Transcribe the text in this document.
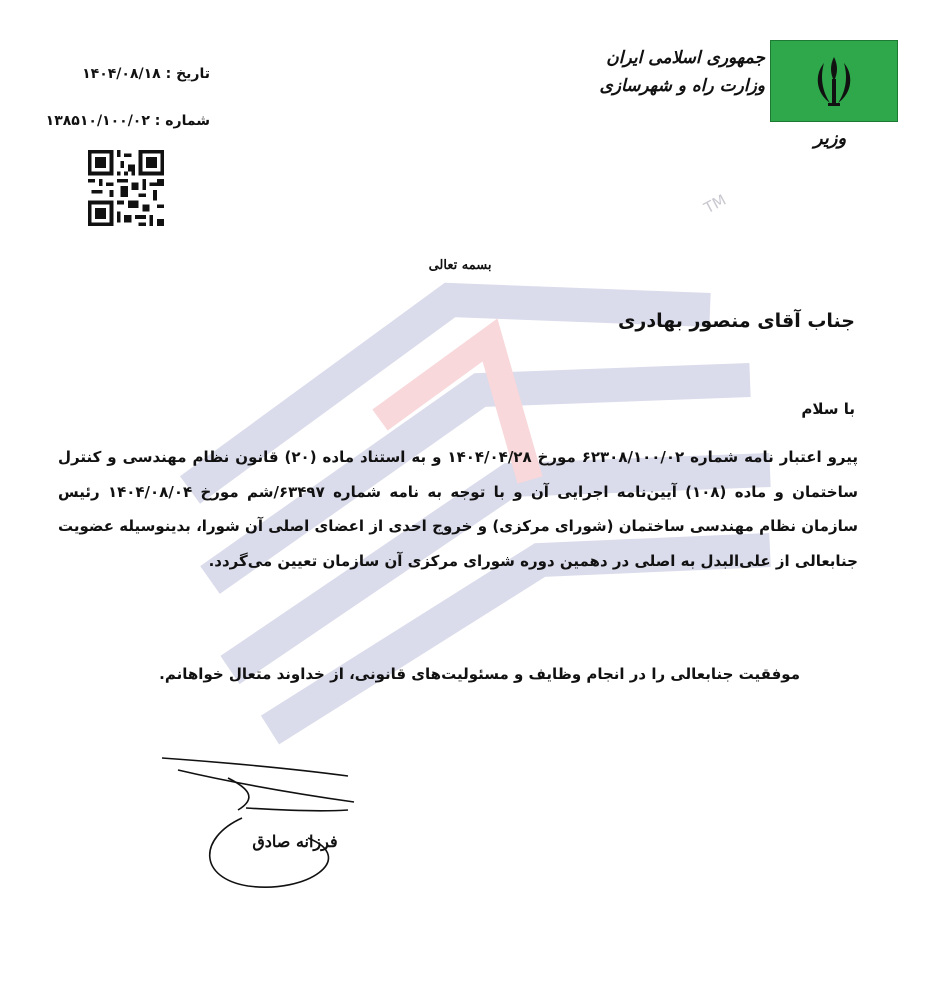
جمهوری اسلامی ایران
وزارت راه و شهرسازی
وزیر
تاریخ : ۱۴۰۴/۰۸/۱۸
شماره : ۱۳۸۵۱۰/۱۰۰/۰۲
TM
بسمه تعالی
جناب آقای منصور بهادری
با سلام
پیرو اعتبار نامه شماره ۶۲۳۰۸/۱۰۰/۰۲ مورخ ۱۴۰۴/۰۴/۲۸ و به استناد ماده (۲۰) قانون نظام مهندسی و کنترل ساختمان و ماده (۱۰۸) آیین‌نامه اجرایی آن و با توجه به نامه شماره ۶۳۴۹۷/شم مورخ ۱۴۰۴/۰۸/۰۴ رئیس سازمان نظام مهندسی ساختمان (شورای مرکزی) و خروج احدی از اعضای اصلی آن شورا، بدینوسیله عضویت جنابعالی از علی‌البدل به اصلی در دهمین دوره شورای مرکزی آن سازمان تعیین می‌گردد.
موفقیت جنابعالی را در انجام وظایف و مسئولیت‌های قانونی، از خداوند متعال خواهانم.
فرزانه صادق
